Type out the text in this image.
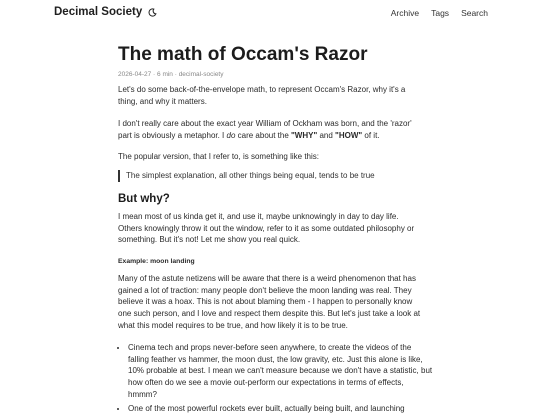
Decimal Society	Archive Tags Search
The math of Occam's Razor
2026-04-27 · 6 min · decimal-society

Let's do some back-of-the-envelope math, to represent Occam's Razor, why it's a thing, and why it matters.

I don't really care about the exact year William of Ockham was born, and the 'razor' part is obviously a metaphor. I do care about the "WHY" and "HOW" of it.

The popular version, that I refer to, is something like this:

The simplest explanation, all other things being equal, tends to be true
But why?

I mean most of us kinda get it, and use it, maybe unknowingly in day to day life. Others knowingly throw it out the window, refer to it as some outdated philosophy or something. But it's not! Let me show you real quick.

Example: moon landing

Many of the astute netizens will be aware that there is a weird phenomenon that has gained a lot of traction: many people don't believe the moon landing was real. They believe it was a hoax. This is not about blaming them - I happen to personally know one such person, and I love and respect them despite this. But let's just take a look at what this model requires to be true, and how likely it is to be true.

• Cinema tech and props never-before seen anywhere, to create the videos of the falling feather vs hammer, the moon dust, the low gravity, etc. Just this alone is like, 10% probable at best. I mean we can't measure because we don't have a statistic, but how often do we see a movie out-perform our expectations in terms of effects, hmmm?
• One of the most powerful rockets ever built, actually being built, and launching
